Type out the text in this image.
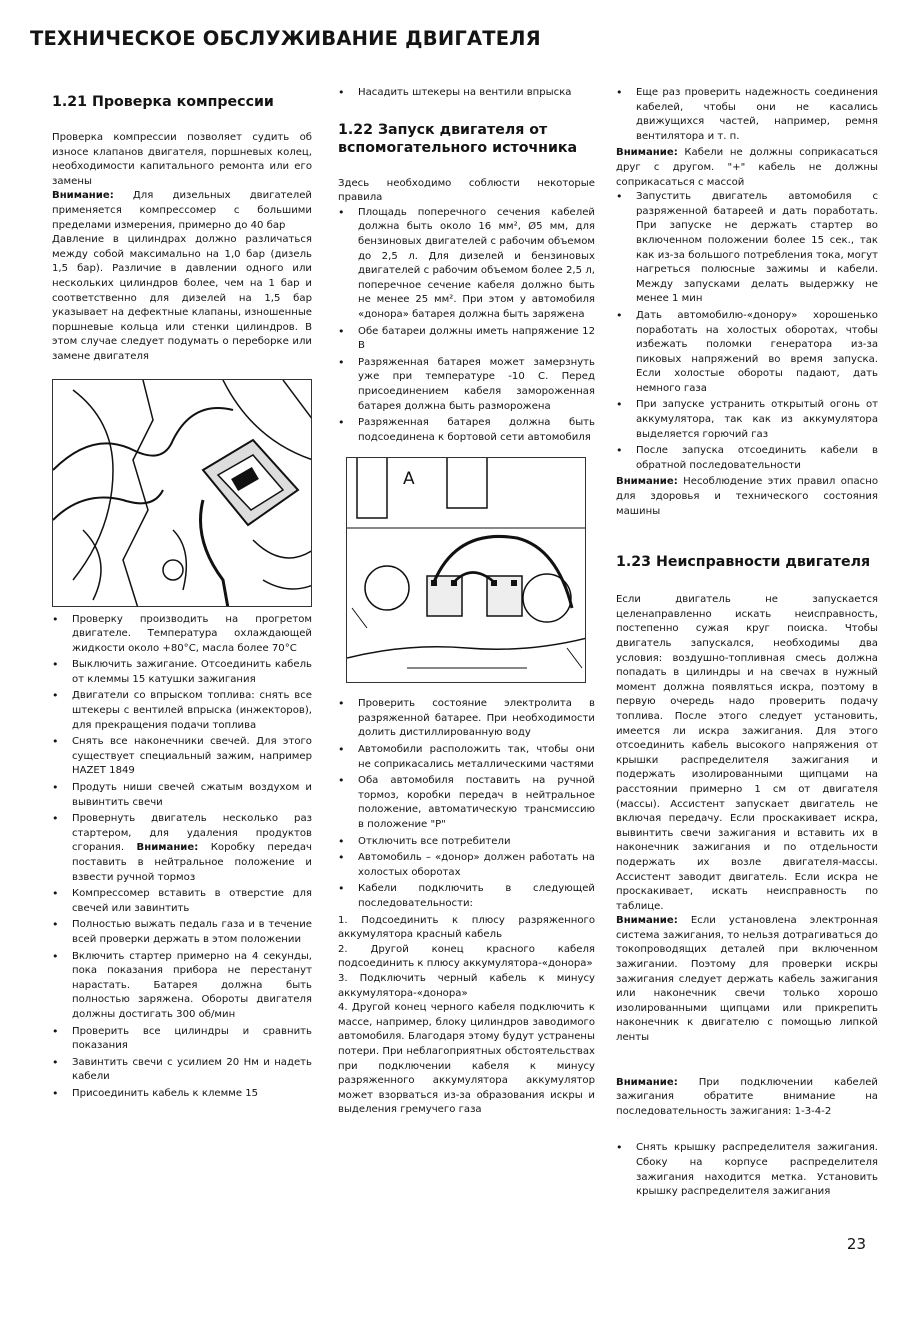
ТЕХНИЧЕСКОЕ ОБСЛУЖИВАНИЕ ДВИГАТЕЛЯ
1.21 Проверка компрессии
Проверка компрессии позволяет судить об износе клапанов двигателя, поршневых колец, необходимости капитального ремонта или его замены
Внимание: Для дизельных двигателей применяется компрессомер с большими пределами измерения, примерно до 40 бар
Давление в цилиндрах должно различаться между собой максимально на 1,0 бар (дизель 1,5 бар). Различие в давлении одного или нескольких цилиндров более, чем на 1 бар и соответственно для дизелей на 1,5 бар указывает на дефектные клапаны, изношенные поршневые кольца или стенки цилиндров. В этом случае следует подумать о переборке или замене двигателя
• Проверку производить на прогретом двигателе. Температура охлаждающей жидкости около +80°С, масла более 70°С
• Выключить зажигание. Отсоединить кабель от клеммы 15 катушки зажигания
• Двигатели со впрыском топлива: снять все штекеры с вентилей впрыска (инжекторов), для прекращения подачи топлива
• Снять все наконечники свечей. Для этого существует специальный зажим, например HAZET 1849
• Продуть ниши свечей сжатым воздухом и вывинтить свечи
• Провернуть двигатель несколько раз стартером, для удаления продуктов сгорания. Внимание: Коробку передач поставить в нейтральное положение и взвести ручной тормоз
• Компрессомер вставить в отверстие для свечей или завинтить
• Полностью выжать педаль газа и в течение всей проверки держать в этом положении
• Включить стартер примерно на 4 секунды, пока показания прибора не перестанут нарастать. Батарея должна быть полностью заряжена. Обороты двигателя должны достигать 300 об/мин
• Проверить все цилиндры и сравнить показания
• Завинтить свечи с усилием 20 Нм и надеть кабели
• Присоединить кабель к клемме 15
• Насадить штекеры на вентили впрыска
1.22 Запуск двигателя от вспомогательного источника
Здесь необходимо соблюсти некоторые правила
• Площадь поперечного сечения кабелей должна быть около 16 мм², Ø5 мм, для бензиновых двигателей с рабочим объемом до 2,5 л. Для дизелей и бензиновых двигателей с рабочим объемом более 2,5 л, поперечное сечение кабеля должно быть не менее 25 мм². При этом у автомобиля «донора» батарея должна быть заряжена
• Обе батареи должны иметь напряжение 12 В
• Разряженная батарея может замерзнуть уже при температуре -10 С. Перед присоединением кабеля замороженная батарея должна быть разморожена
• Разряженная батарея должна быть подсоединена к бортовой сети автомобиля
A
• Проверить состояние электролита в разряженной батарее. При необходимости долить дистиллированную воду
• Автомобили расположить так, чтобы они не соприкасались металлическими частями
• Оба автомобиля поставить на ручной тормоз, коробки передач в нейтральное положение, автоматическую трансмиссию в положение "Р"
• Отключить все потребители
• Автомобиль – «донор» должен работать на холостых оборотах
• Кабели подключить в следующей последовательности:
1. Подсоединить к плюсу разряженного аккумулятора красный кабель
2. Другой конец красного кабеля подсоединить к плюсу аккумулятора-«донора»
3. Подключить черный кабель к минусу аккумулятора-«донора»
4. Другой конец черного кабеля подключить к массе, например, блоку цилиндров заводимого автомобиля. Благодаря этому будут устранены потери. При неблагоприятных обстоятельствах при подключении кабеля к минусу разряженного аккумулятора аккумулятор может взорваться из-за образования искры и выделения гремучего газа
• Еще раз проверить надежность соединения кабелей, чтобы они не касались движущихся частей, например, ремня вентилятора и т. п.
Внимание: Кабели не должны соприкасаться друг с другом. "+" кабель не должны соприкасаться с массой
• Запустить двигатель автомобиля с разряженной батареей и дать поработать. При запуске не держать стартер во включенном положении более 15 сек., так как из-за большого потребления тока, могут нагреться полюсные зажимы и кабели. Между запусками делать выдержку не менее 1 мин
• Дать автомобилю-«донору» хорошенько поработать на холостых оборотах, чтобы избежать поломки генератора из-за пиковых напряжений во время запуска. Если холостые обороты падают, дать немного газа
• При запуске устранить открытый огонь от аккумулятора, так как из аккумулятора выделяется горючий газ
• После запуска отсоединить кабели в обратной последовательности
Внимание: Несоблюдение этих правил опасно для здоровья и технического состояния машины
1.23 Неисправности двигателя
Если двигатель не запускается целенаправленно искать неисправность, постепенно сужая круг поиска. Чтобы двигатель запускался, необходимы два условия: воздушно-топливная смесь должна попадать в цилиндры и на свечах в нужный момент должна появляться искра, поэтому в первую очередь надо проверить подачу топлива. После этого следует установить, имеется ли искра зажигания. Для этого отсоединить кабель высокого напряжения от крышки распределителя зажигания и подержать изолированными щипцами на расстоянии примерно 1 см от двигателя (массы). Ассистент запускает двигатель не включая передачу. Если проскакивает искра, вывинтить свечи зажигания и вставить их в наконечник зажигания и по отдельности подержать их возле двигателя-массы. Ассистент заводит двигатель. Если искра не проскакивает, искать неисправность по таблице.
Внимание: Если установлена электронная система зажигания, то нельзя дотрагиваться до токопроводящих деталей при включенном зажигании. Поэтому для проверки искры зажигания следует держать кабель зажигания или наконечник свечи только хорошо изолированными щипцами или прикрепить наконечник к двигателю с помощью липкой ленты
Внимание: При подключении кабелей зажигания обратите внимание на последовательность зажигания: 1-3-4-2
• Снять крышку распределителя зажигания. Сбоку на корпусе распределителя зажигания находится метка. Установить крышку распределителя зажигания
23
